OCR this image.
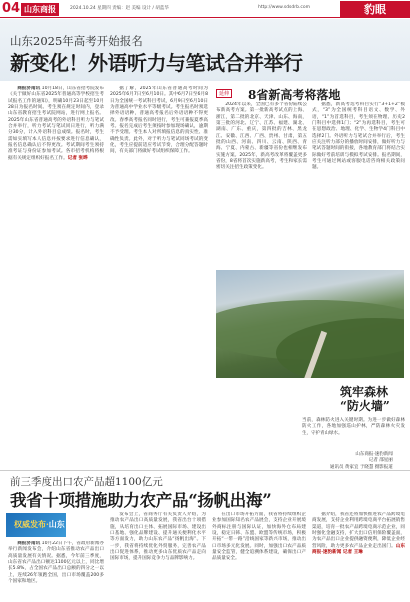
04 山东商报	2024.10.24 星期四 责编：赵 美编 设计 / 胡蓝华	http://www.sdsdrb.com	豹眼
山东2025年高考开始报名
新变化！外语听力与笔试合并举行

商报济南讯 10月18日，山东省招考院发布《关于做好山东省2025年普通高等学校招生考试报名工作的通知》，明确10月23日起至10月28日为报名时间。考生须在规定时间内，登录山东省教育招生考试院网站，进行网上报名。2025年山东省普通高考的外语科目听力与笔试合并举行，听力考试与笔试同日进行，听力满分30分，计入外语科目总成绩。报名时，考生需如实填写本人信息并按要求进行信息确认，报名信息确认后不得更改。考试期间考生须持准考证与身份证参加考试。各市招考机构将根据有关规定组织好报名工作。记者 张晔

据了解，2025年山东省普通高考时间为2025年6月7日至6月10日。其中6月7日至6月8日为全国统一考试科目考试，6月9日至6月10日为普通高中学业水平等级考试。考生报名时须选择外语语种，普通高考报名后外语语种不得更改。春季高考报名同时进行，考生可兼报夏季高考。报名完成后考生须按时参加现场确认，逾期不予受理。考生本人对所填报信息的真实性、准确性负责。此外，对于听力与笔试同场考试的变化，考生应提前适应考试节奏，合理分配答题时间，有关部门将做好考试组织保障工作。

延伸 8省新高考将落地

2024年以来，全国已有多个省份陆续公布新高考方案。第一批新高考试点的上海、浙江，第二批的北京、天津、山东、海南，第三批的河北、辽宁、江苏、福建、湖北、湖南、广东、重庆，第四批的吉林、黑龙江、安徽、江西、广西、贵州、甘肃，第五批的山西、河南、四川、云南、陕西、青海、宁夏、内蒙古、新疆等省份也相继发布实施方案。2025年，新高考改革将覆盖更多省份，8省将首次实施新高考，考生和家长需密切关注招生政策变化。

据悉，新高考选考科目实行“3+1+2”模式，“3”为全国统考科目语文、数学、外语，“1”为首选科目，考生须在物理、历史2门科目中选择1门；“2”为再选科目，考生可在思想政治、地理、化学、生物学4门科目中选择2门。外语听力与笔试合并举行后，考生应关注听力部分的播放时间安排，做好听力与笔试答题时间的衔接，各地教育部门将结合实际做好考前培训与模拟考试安排。报名期间，考生可通过网站或客服电话咨询相关政策问题。

筑牢森林
“防火墙”
当前，森林防火进入关键时期。为进一步做好森林防火工作，各地加强巡山护林，严防森林火灾发生，守护青山绿水。
山东商报·速豹新闻
记者 邵星丽
通讯员 黄家宜 于晓慧 摄影报道
前三季度出口农产品超1100亿元
我省十项措施助力农产品“扬帆出海”
权威发布·山东

商报济南讯 10月22日下午，省政府新闻办举行新闻发布会，介绍山东省推动农产品出口高质量发展有关情况。据悉，今年前三季度，山东省农产品出口额达1100亿元以上，同比增长5.8%，占全国农产品出口总额的四分之一以上，连续26年领跑全国，出口市场覆盖200多个国家和地区。

发布会上，省商务厅有关负责人介绍，为推动农产品出口高质量发展，我省出台十项措施，从培育出口主体、拓展国际市场、建设出口基地、强化品牌建设、提升通关便利化水平等方面发力，助力山东农产品“扬帆出海”。下一步，我省将持续优化外贸服务，完善农产品出口促进体系，推动更多山东优质农产品走向国际市场，提升国际竞争力与品牌影响力。

在出口市场开拓方面，我省将持续组织企业参加国际知名农产品展会，支持企业开展境外商标注册与国际认证，加快海外仓布局建设，稳定日韩、东盟、欧盟等传统市场，积极开拓“一带一路”沿线国家等新兴市场，推动出口市场多元化发展。同时，加强出口农产品质量安全监管，健全追溯体系建设，确保出口产品质量安全。

据介绍，我省还将加快推进农产品跨境电商发展，支持企业利用跨境电商平台拓展销售渠道，培育一批农产品跨境电商示范企业，同时强化金融支持，扩大出口信用保险覆盖面，为农产品出口企业提供融资便利，降低企业经营风险，助力更多农产品企业走出国门。山东商报·速豹新闻 记者 王琳
